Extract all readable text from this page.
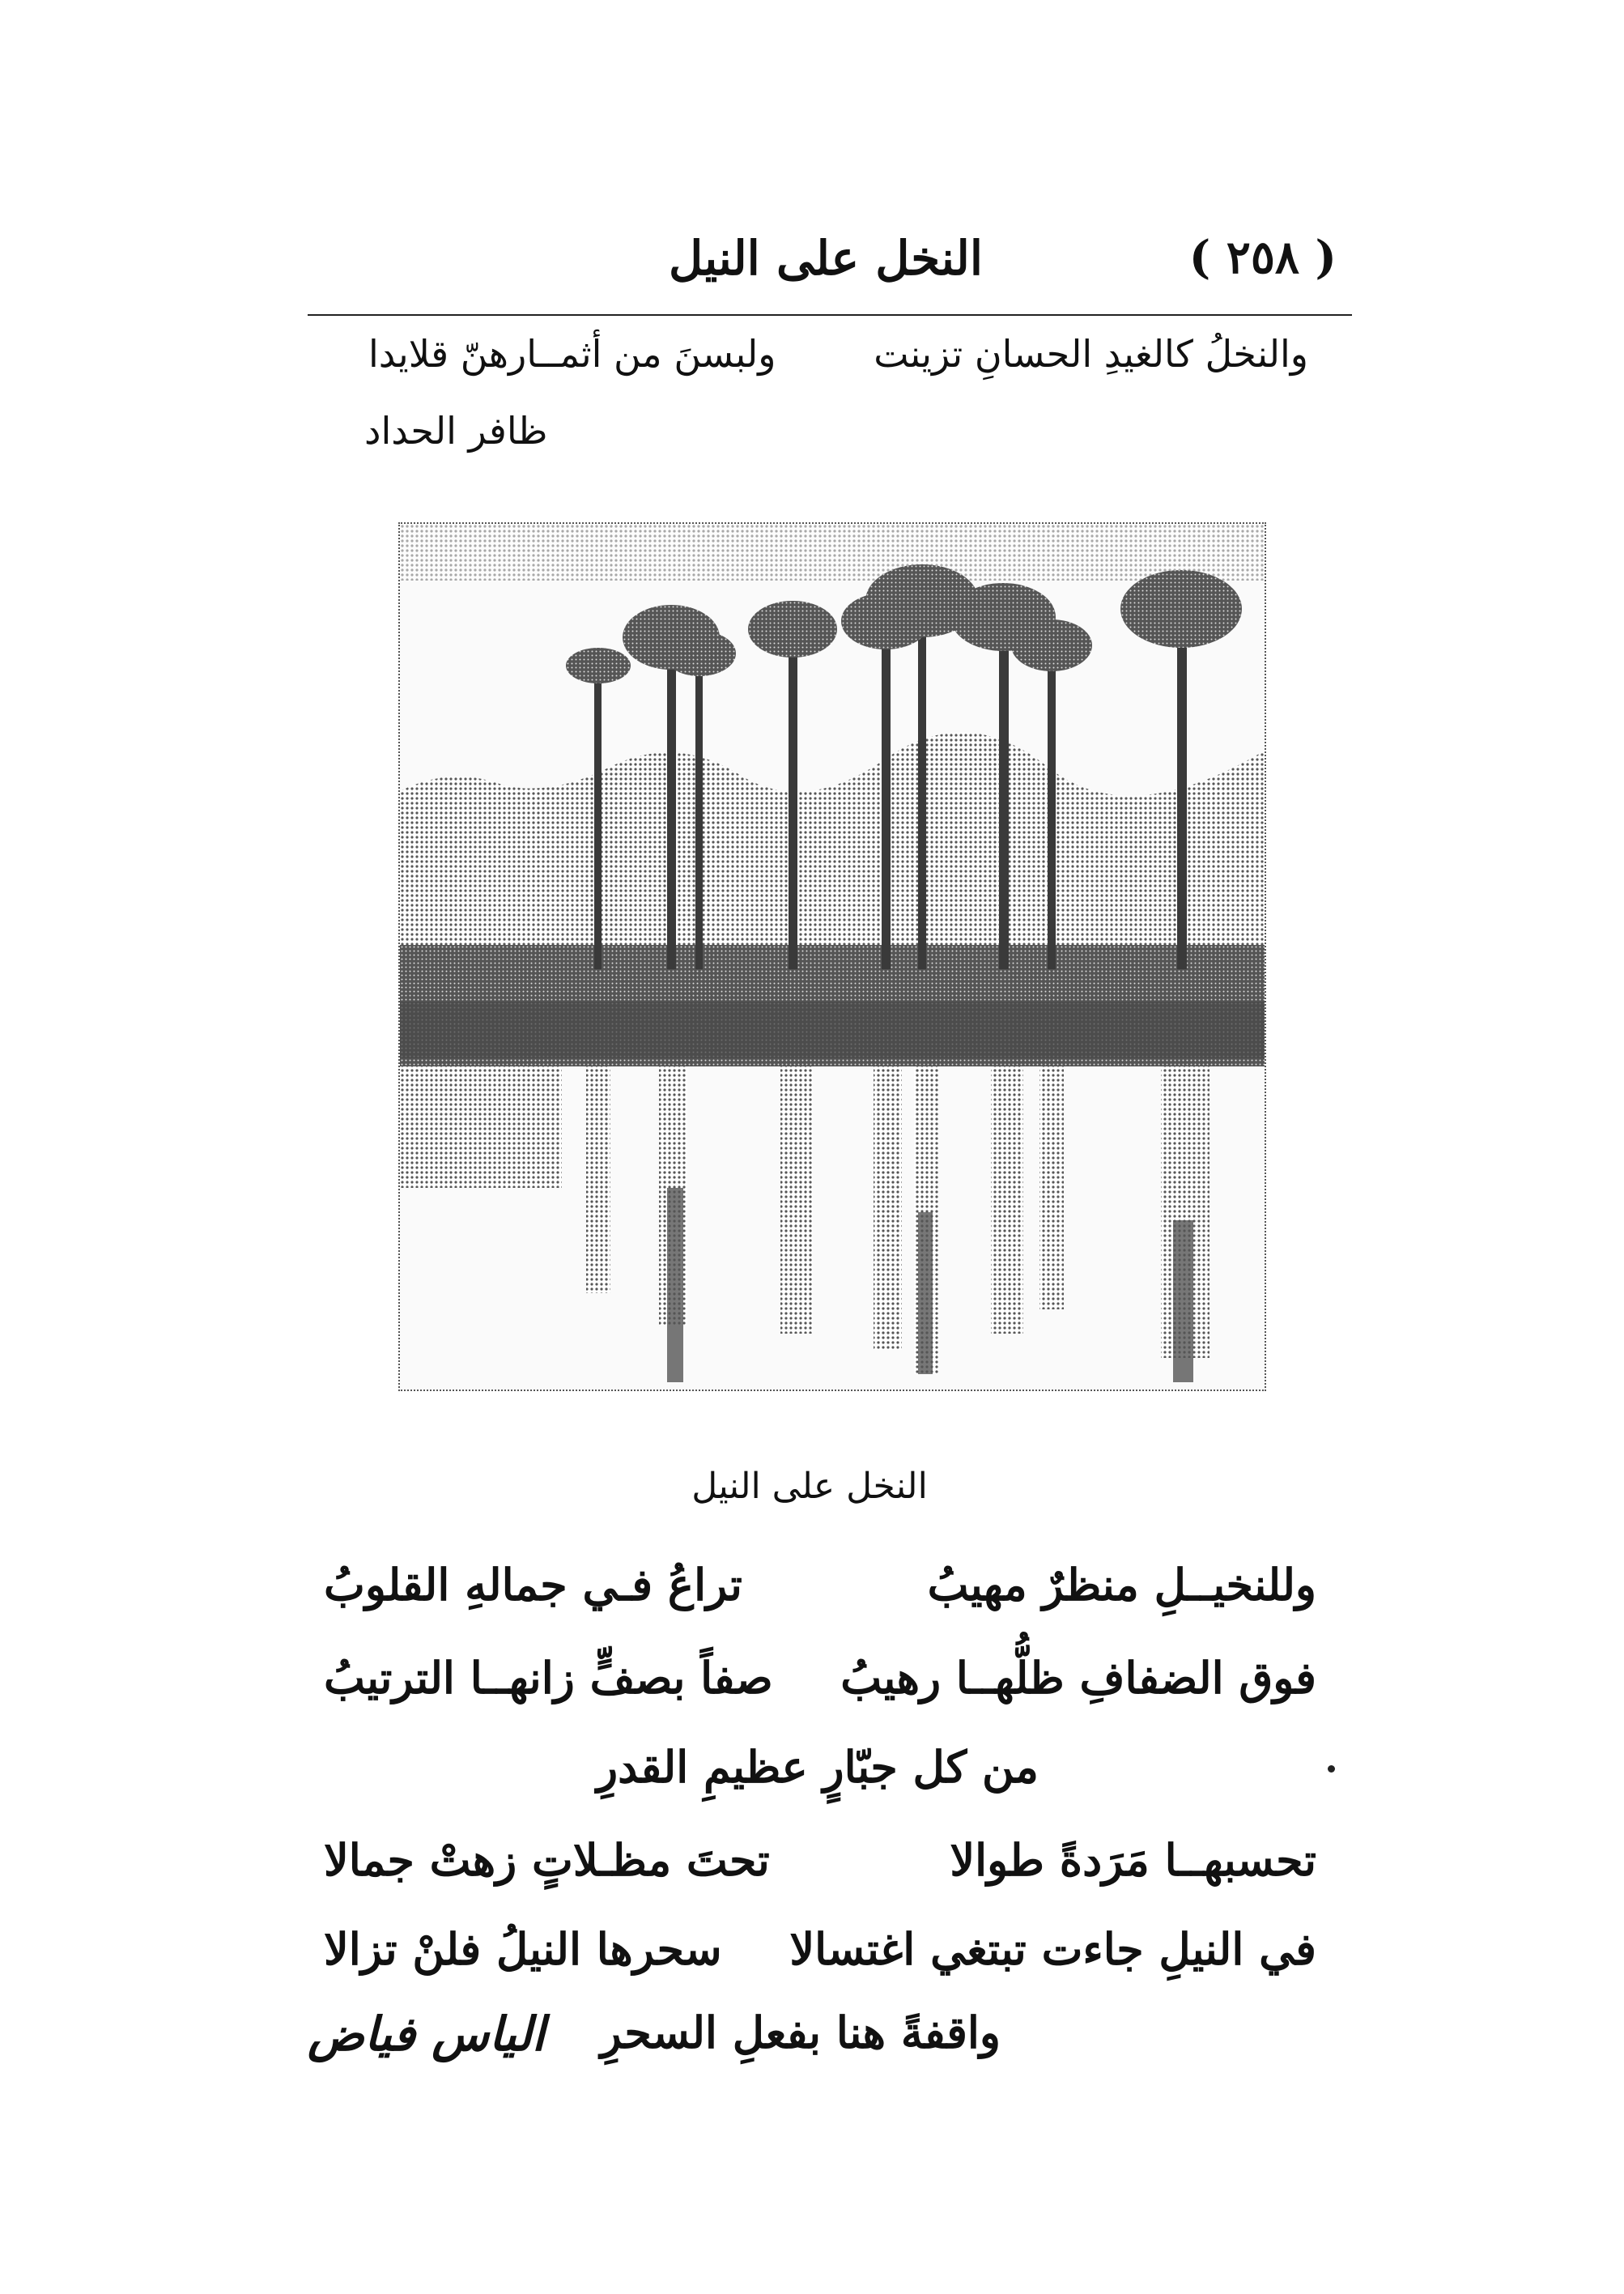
النخل على النيل	( ٢٥٨ )
والنخلُ كالغيدِ الحسانِ تزينت
ولبسنَ من أثمــارهنّ قلايدا
ظافر الحداد
النخل على النيل
وللنخيــلِ منظرٌ مهيبُ
تراعُ فـي جمالهِ القلوبُ
فوق الضفافِ ظلُّهــا رهيبُ
صفاً بصفٍّ زانهــا الترتيبُ
من كل جبّارٍ عظيمِ القدرِ
تحسبهــا مَرَدةً طوالا
تحتَ مظـلاتٍ زهتْ جمالا
في النيلِ جاءت تبتغي اغتسالا
سحرها النيلُ فلنْ تزالا
واقفةً هنا بفعلِ السحرِ
الياس فياض
